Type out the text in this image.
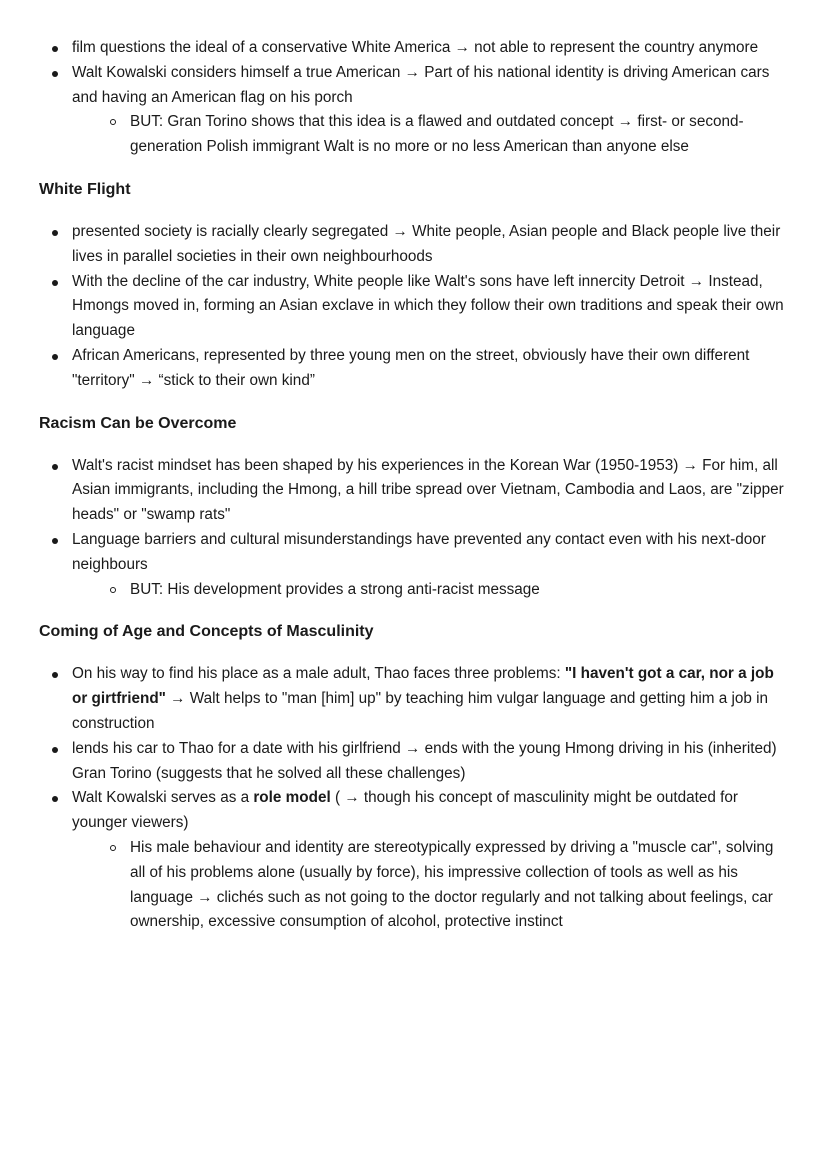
film questions the ideal of a conservative White America → not able to represent the country anymore
Walt Kowalski considers himself a true American → Part of his national identity is driving American cars and having an American flag on his porch
BUT: Gran Torino shows that this idea is a flawed and outdated concept → first- or second-generation Polish immigrant Walt is no more or no less American than anyone else
White Flight
presented society is racially clearly segregated → White people, Asian people and Black people live their lives in parallel societies in their own neighbourhoods
With the decline of the car industry, White people like Walt's sons have left innercity Detroit → Instead, Hmongs moved in, forming an Asian exclave in which they follow their own traditions and speak their own language
African Americans, represented by three young men on the street, obviously have their own different "territory" → “stick to their own kind”
Racism Can be Overcome
Walt's racist mindset has been shaped by his experiences in the Korean War (1950-1953) → For him, all Asian immigrants, including the Hmong, a hill tribe spread over Vietnam, Cambodia and Laos, are "zipper heads" or "swamp rats"
Language barriers and cultural misunderstandings have prevented any contact even with his next-door neighbours
BUT: His development provides a strong anti-racist message
Coming of Age and Concepts of Masculinity
On his way to find his place as a male adult, Thao faces three problems: "I haven't got a car, nor a job or girtfriend" → Walt helps to "man [him] up" by teaching him vulgar language and getting him a job in construction
lends his car to Thao for a date with his girlfriend → ends with the young Hmong driving in his (inherited) Gran Torino (suggests that he solved all these challenges)
Walt Kowalski serves as a role model ( → though his concept of masculinity might be outdated for younger viewers)
His male behaviour and identity are stereotypically expressed by driving a "muscle car", solving all of his problems alone (usually by force), his impressive collection of tools as well as his language → clichés such as not going to the doctor regularly and not talking about feelings, car ownership, excessive consumption of alcohol, protective instinct
